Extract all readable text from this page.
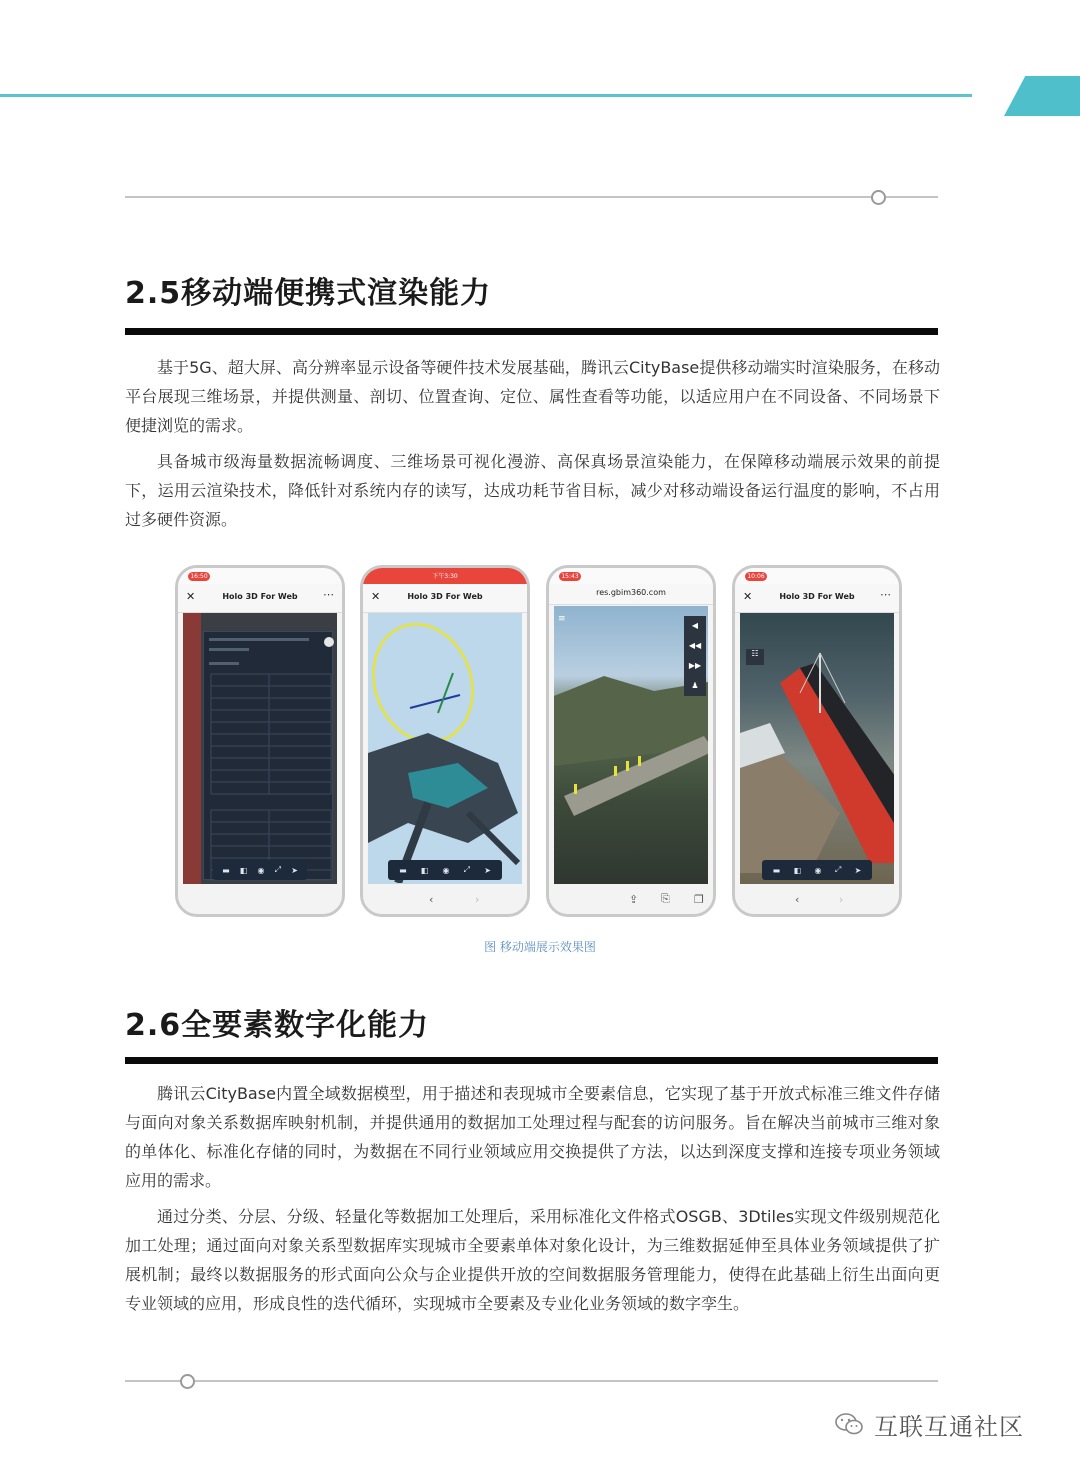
2.5移动端便携式渲染能力

基于5G、超大屏、高分辨率显示设备等硬件技术发展基础，腾讯云CityBase提供移动端实时渲染服务，在移动平台展现三维场景，并提供测量、剖切、位置查询、定位、属性查看等功能，以适应用户在不同设备、不同场景下便捷浏览的需求。

具备城市级海量数据流畅调度、三维场景可视化漫游、高保真场景渲染能力，在保障移动端展示效果的前提下，运用云渲染技术，降低针对系统内存的读写，达成功耗节省目标，减少对移动端设备运行温度的影响，不占用过多硬件资源。

16:50
✕	Holo 3D For Web	⋯
▬ ◧ ◉ ⤢ ➤
下午3:30
✕	Holo 3D For Web
▬ ◧ ◉ ⤢ ➤
‹	›
15:43
res.gbim360.com
◀
◀◀
▶▶
♟
≡
⇪ ⎘ ❐
10:06
✕	Holo 3D For Web	⋯
☷
▬ ◧ ◉ ⤢ ➤
‹	›
图 移动端展示效果图
2.6全要素数字化能力

腾讯云CityBase内置全域数据模型，用于描述和表现城市全要素信息，它实现了基于开放式标准三维文件存储与面向对象关系数据库映射机制，并提供通用的数据加工处理过程与配套的访问服务。旨在解决当前城市三维对象的单体化、标准化存储的同时，为数据在不同行业领域应用交换提供了方法，以达到深度支撑和连接专项业务领域应用的需求。

通过分类、分层、分级、轻量化等数据加工处理后，采用标准化文件格式OSGB、3Dtiles实现文件级别规范化加工处理；通过面向对象关系型数据库实现城市全要素单体对象化设计，为三维数据延伸至具体业务领域提供了扩展机制；最终以数据服务的形式面向公众与企业提供开放的空间数据服务管理能力，使得在此基础上衍生出面向更专业领域的应用，形成良性的迭代循环，实现城市全要素及专业化业务领域的数字孪生。

互联互通社区
